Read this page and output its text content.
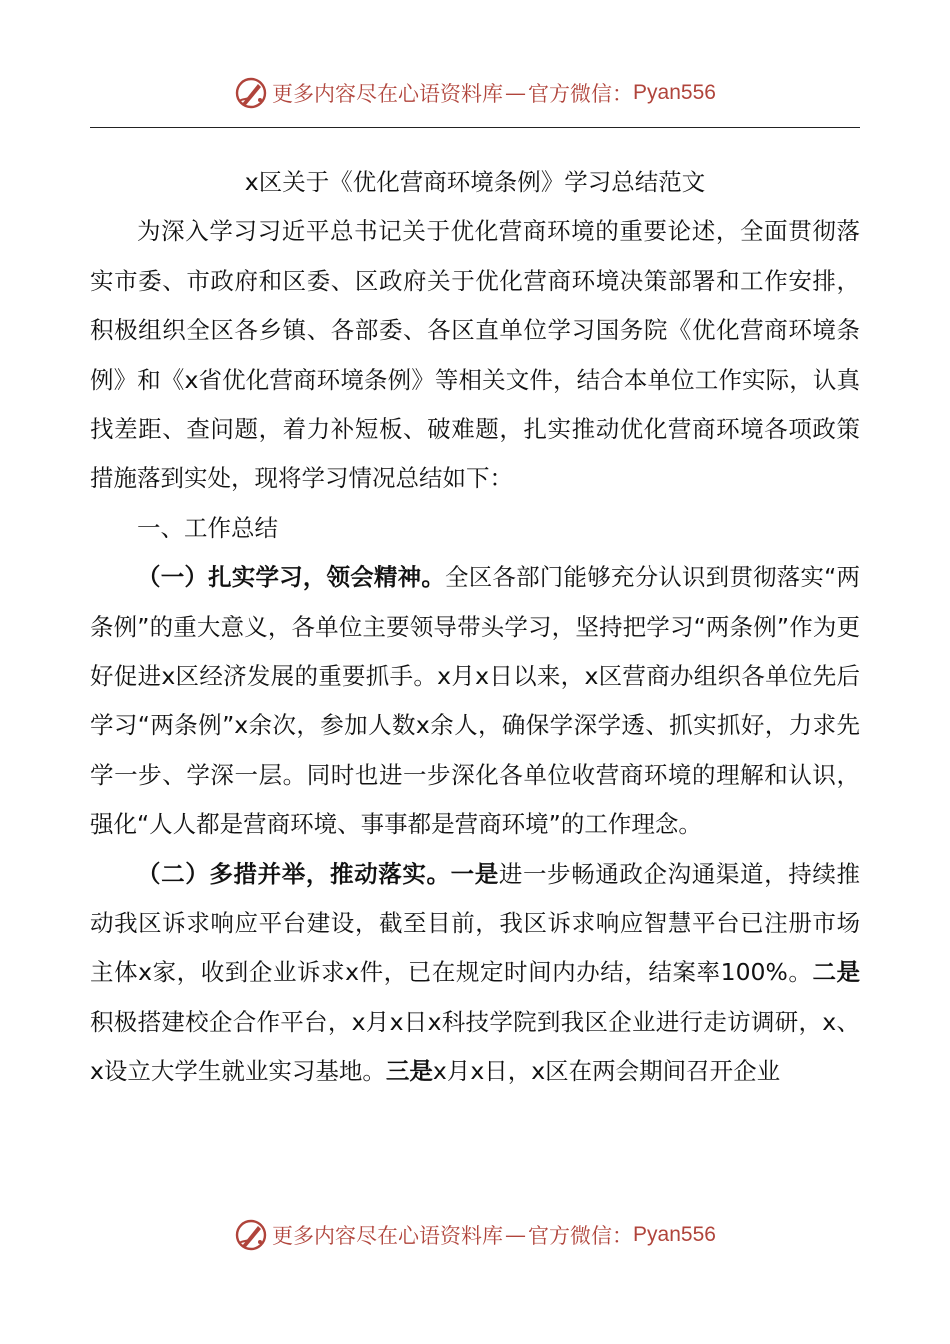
更多内容尽在心语资料库 — 官方微信： Pyan556

x区关于《优化营商环境条例》学习总结范文

为深入学习习近平总书记关于优化营商环境的重要论述，全面贯彻落实市委、市政府和区委、区政府关于优化营商环境决策部署和工作安排，积极组织全区各乡镇、各部委、各区直单位学习国务院《优化营商环境条例》和《x省优化营商环境条例》等相关文件，结合本单位工作实际，认真找差距、查问题，着力补短板、破难题，扎实推动优化营商环境各项政策措施落到实处，现将学习情况总结如下：

一、工作总结

（一）扎实学习，领会精神。全区各部门能够充分认识到贯彻落实“两条例”的重大意义，各单位主要领导带头学习，坚持把学习“两条例”作为更好促进x区经济发展的重要抓手。x月x日以来，x区营商办组织各单位先后学习“两条例”x余次，参加人数x余人，确保学深学透、抓实抓好，力求先学一步、学深一层。同时也进一步深化各单位收营商环境的理解和认识，强化“人人都是营商环境、事事都是营商环境”的工作理念。

（二）多措并举，推动落实。一是进一步畅通政企沟通渠道，持续推动我区诉求响应平台建设，截至目前，我区诉求响应智慧平台已注册市场主体x家，收到企业诉求x件，已在规定时间内办结，结案率100%。二是积极搭建校企合作平台，x月x日x科技学院到我区企业进行走访调研，x、x设立大学生就业实习基地。三是x月x日，x区在两会期间召开企业

更多内容尽在心语资料库 — 官方微信： Pyan556
